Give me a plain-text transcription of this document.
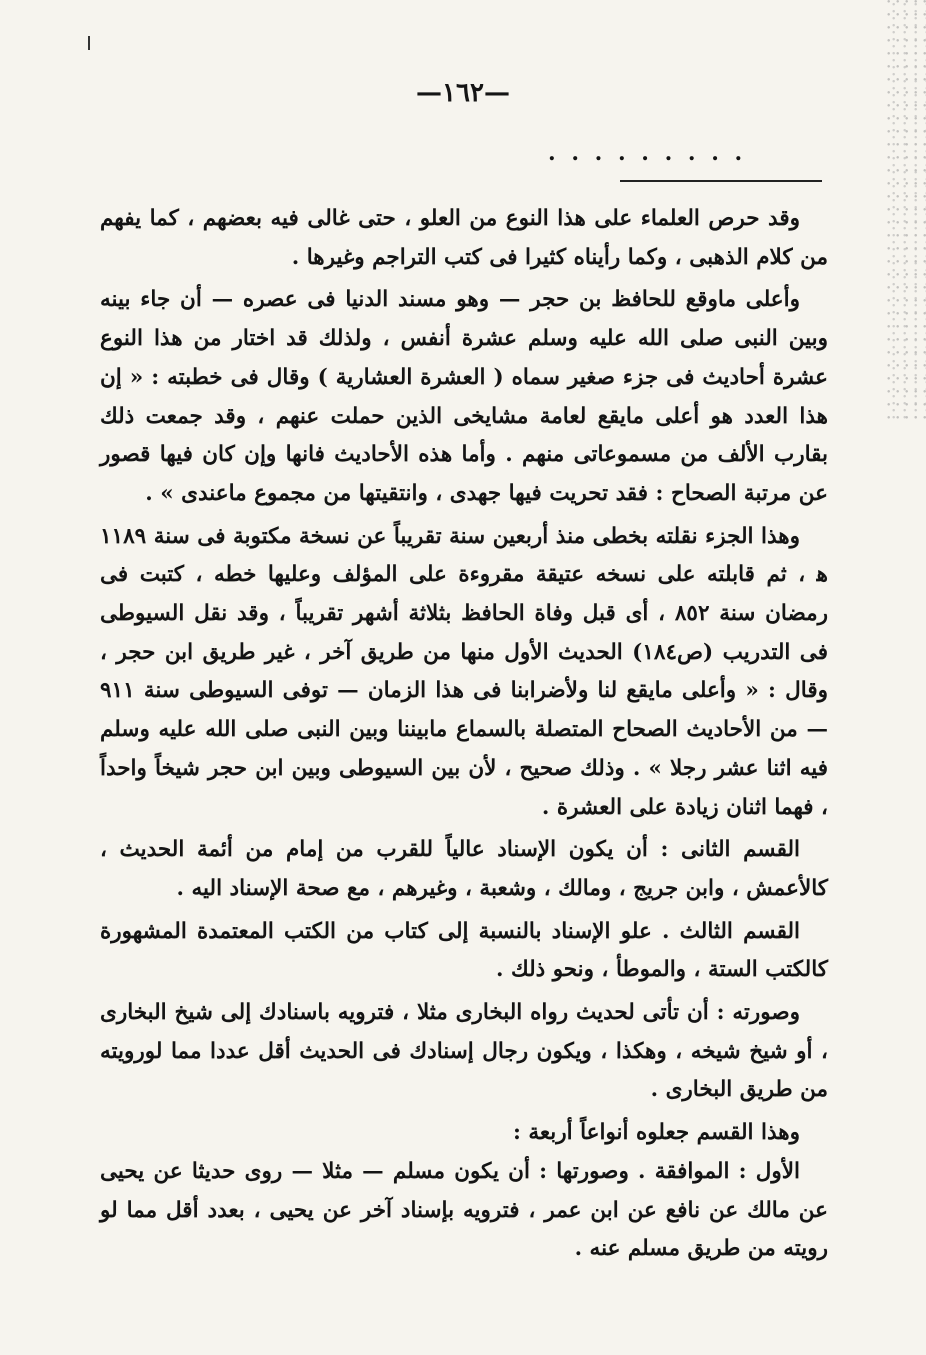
—١٦٢—
. . . . . . . . .

وقد حرص العلماء على هذا النوع من العلو ، حتى غالى فيه بعضهم ، كما يفهم من كلام الذهبى ، وكما رأيناه كثيرا فى كتب التراجم وغيرها .

وأعلى ماوقع للحافظ بن حجر — وهو مسند الدنيا فى عصره — أن جاء بينه وبين النبى صلى الله عليه وسلم عشرة أنفس ، ولذلك قد اختار من هذا النوع عشرة أحاديث فى جزء صغير سماه ( العشرة العشارية ) وقال فى خطبته : « إن هذا العدد هو أعلى مايقع لعامة مشايخى الذين حملت عنهم ، وقد جمعت ذلك بقارب الألف من مسموعاتى منهم . وأما هذه الأحاديث فانها وإن كان فيها قصور عن مرتبة الصحاح : فقد تحريت فيها جهدى ، وانتقيتها من مجموع ماعندى » .

وهذا الجزء نقلته بخطى منذ أربعين سنة تقريباً عن نسخة مكتوبة فى سنة ١١٨٩ ﻫ ، ثم قابلته على نسخه عتيقة مقروءة على المؤلف وعليها خطه ، كتبت فى رمضان سنة ٨٥٢ ، أى قبل وفاة الحافظ بثلاثة أشهر تقريباً ، وقد نقل السيوطى فى التدريب (ص١٨٤) الحديث الأول منها من طريق آخر ، غير طريق ابن حجر ، وقال : « وأعلى مايقع لنا ولأضرابنا فى هذا الزمان — توفى السيوطى سنة ٩١١ — من الأحاديث الصحاح المتصلة بالسماع مابيننا وبين النبى صلى الله عليه وسلم فيه اثنا عشر رجلا » . وذلك صحيح ، لأن بين السيوطى وبين ابن حجر شيخاً واحداً ، فهما اثنان زيادة على العشرة .

القسم الثانى : أن يكون الإسناد عالياً للقرب من إمام من أئمة الحديث ، كالأعمش ، وابن جريج ، ومالك ، وشعبة ، وغيرهم ، مع صحة الإسناد اليه .

القسم الثالث . علو الإسناد بالنسبة إلى كتاب من الكتب المعتمدة المشهورة كالكتب الستة ، والموطأ ، ونحو ذلك .

وصورته : أن تأتى لحديث رواه البخارى مثلا ، فترويه باسنادك إلى شيخ البخارى ، أو شيخ شيخه ، وهكذا ، ويكون رجال إسنادك فى الحديث أقل عددا مما لورويته من طريق البخارى .

وهذا القسم جعلوه أنواعاً أربعة :

الأول : الموافقة . وصورتها : أن يكون مسلم — مثلا — روى حديثا عن يحيى عن مالك عن نافع عن ابن عمر ، فترويه بإسناد آخر عن يحيى ، بعدد أقل مما لو رويته من طريق مسلم عنه .
